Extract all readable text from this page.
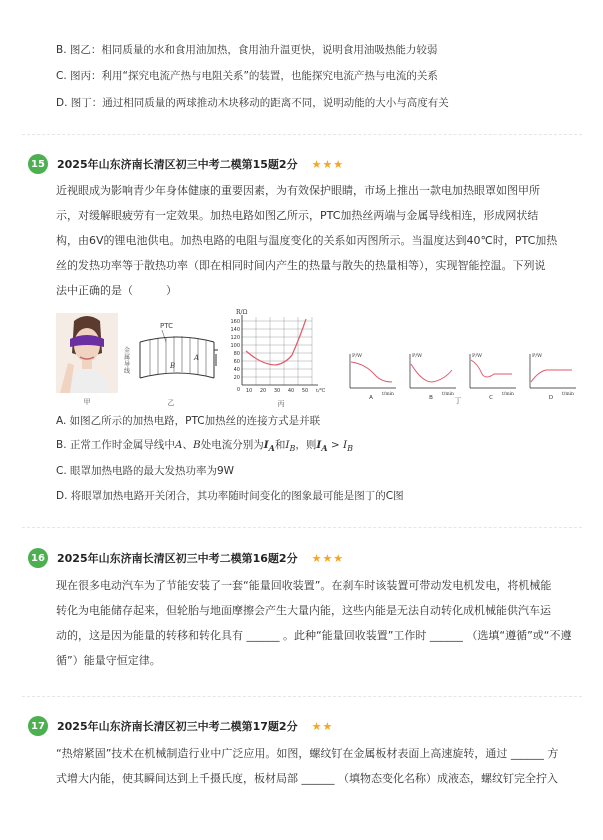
B. 图乙：相同质量的水和食用油加热，食用油升温更快，说明食用油吸热能力较弱
C. 图丙：利用“探究电流产热与电阻关系”的装置，也能探究电流产热与电流的关系
D. 图丁：通过相同质量的两球推动木块移动的距离不同，说明动能的大小与高度有关
15 2025年山东济南长清区初三中考二模第15题2分 ★★★
近视眼成为影响青少年身体健康的重要因素，为有效保护眼睛，市场上推出一款电加热眼罩如图甲所
示，对缓解眼疲劳有一定效果。加热电路如图乙所示，PTC加热丝两端与金属导线相连，形成网状结
构，由6V的锂电池供电。加热电路的电阻与温度变化的关系如丙图所示。当温度达到40℃时，PTC加热
丝的发热功率等于散热功率（即在相同时间内产生的热量与散失的热量相等），实现智能控温。下列说
法中正确的是（　　　）
甲
PTC
金
属
导
线
A
B
乙
R/Ω
160
140
120
100
80
60
40
20
0 10 20 30 40 50 t/℃
丙
P/W
t/min
A
P/W
t/min
B
P/W
t/min
C
P/W
t/min
D
丁
A. 如图乙所示的加热电路，PTC加热丝的连接方式是并联
B. 正常工作时金属导线中A、B处电流分别为$I_A$和$I_B$，则$I_A > I_B$
C. 眼罩加热电路的最大发热功率为9W
D. 将眼罩加热电路开关闭合，其功率随时间变化的图象最可能是图丁的C图
16 2025年山东济南长清区初三中考二模第16题2分 ★★★
现在很多电动汽车为了节能安装了一套“能量回收装置”。在刹车时该装置可带动发电机发电，将机械能
转化为电能储存起来，但轮胎与地面摩擦会产生大量内能，这些内能是无法自动转化成机械能供汽车运
动的，这是因为能量的转移和转化具有 ______ 。此种“能量回收装置”工作时 ______ （选填“遵循”或“不遵
循”）能量守恒定律。
17 2025年山东济南长清区初三中考二模第17题2分 ★★
“热熔紧固”技术在机械制造行业中广泛应用。如图，螺纹钉在金属板材表面上高速旋转，通过 ______ 方
式增大内能，使其瞬间达到上千摄氏度，板材局部 ______ （填物态变化名称）成液态，螺纹钉完全拧入
